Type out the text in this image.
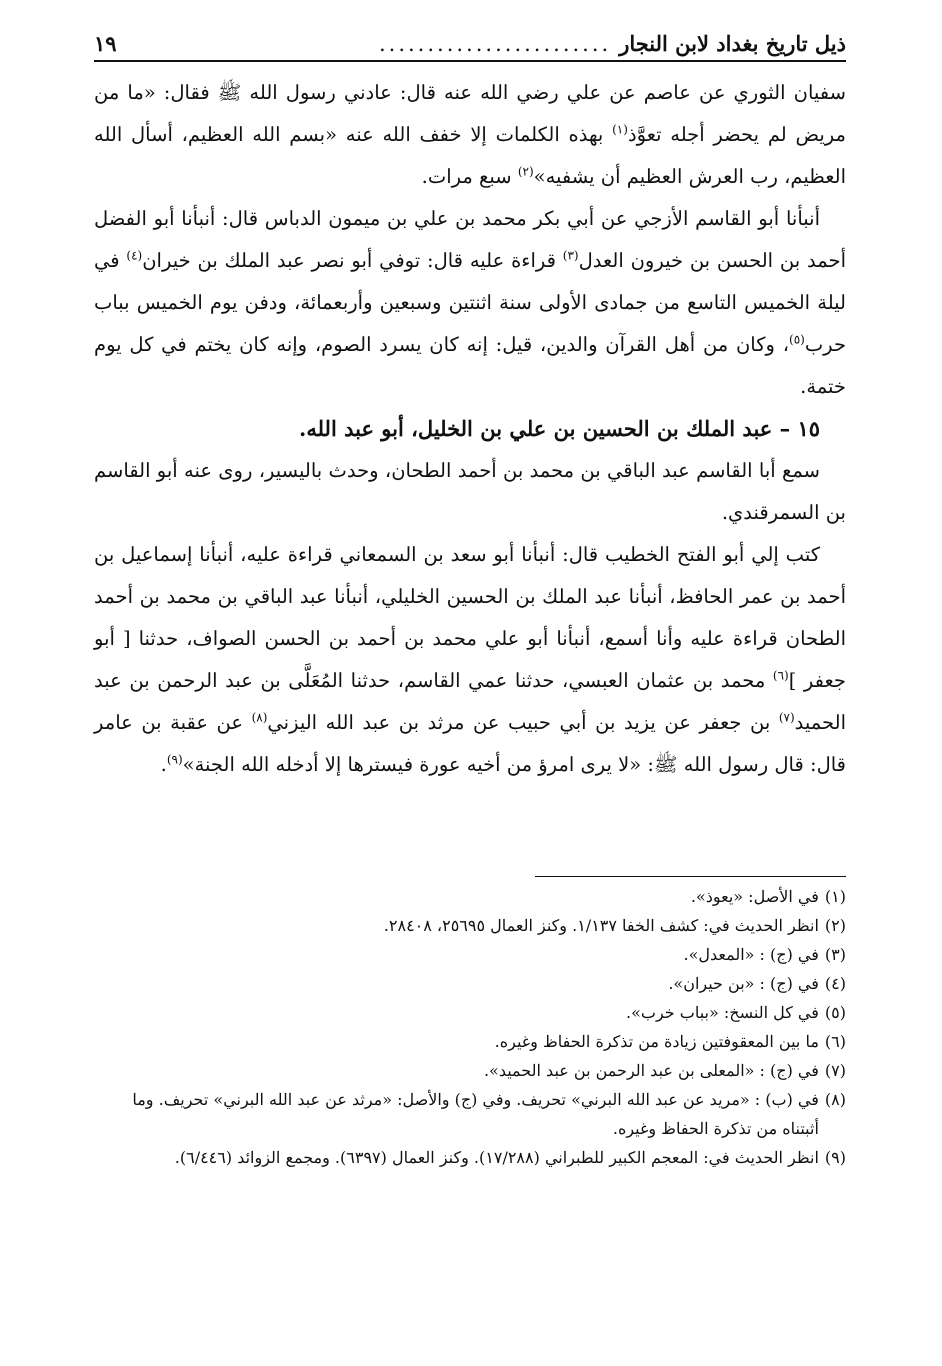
ذيل تاريخ بغداد لابن النجار
........................
١٩

سفيان الثوري عن عاصم عن علي رضي الله عنه قال: عادني رسول الله ﷺ فقال: «ما من مريض لم يحضر أجله تعوَّذ$^{(١)}$ بهذه الكلمات إلا خفف الله عنه «بسم الله العظيم، أسأل الله العظيم، رب العرش العظيم أن يشفيه»$^{(٢)}$ سبع مرات.

أنبأنا أبو القاسم الأزجي عن أبي بكر محمد بن علي بن ميمون الدباس قال: أنبأنا أبو الفضل أحمد بن الحسن بن خيرون العدل$^{(٣)}$ قراءة عليه قال: توفي أبو نصر عبد الملك بن خيران$^{(٤)}$ في ليلة الخميس التاسع من جمادى الأولى سنة اثنتين وسبعين وأربعمائة، ودفن يوم الخميس بباب حرب$^{(٥)}$، وكان من أهل القرآن والدين، قيل: إنه كان يسرد الصوم، وإنه كان يختم في كل يوم ختمة.

١٥ – عبد الملك بن الحسين بن علي بن الخليل، أبو عبد الله.

سمع أبا القاسم عبد الباقي بن محمد بن أحمد الطحان، وحدث باليسير، روى عنه أبو القاسم بن السمرقندي.

كتب إلي أبو الفتح الخطيب قال: أنبأنا أبو سعد بن السمعاني قراءة عليه، أنبأنا إسماعيل بن أحمد بن عمر الحافظ، أنبأنا عبد الملك بن الحسين الخليلي، أنبأنا عبد الباقي بن محمد بن أحمد الطحان قراءة عليه وأنا أسمع، أنبأنا أبو علي محمد بن أحمد بن الحسن الصواف، حدثنا [ أبو جعفر ]$^{(٦)}$ محمد بن عثمان العبسي، حدثنا عمي القاسم، حدثنا المُعَلَّى بن عبد الرحمن بن عبد الحميد$^{(٧)}$ بن جعفر عن يزيد بن أبي حبيب عن مرثد بن عبد الله اليزني$^{(٨)}$ عن عقبة بن عامر قال: قال رسول الله ﷺ: «لا يرى امرؤ من أخيه عورة فيسترها إلا أدخله الله الجنة»$^{(٩)}$.

(١)
في الأصل: «يعوذ».

(٢)
انظر الحديث في: كشف الخفا ١/١٣٧. وكنز العمال ٢٥٦٩٥، ٢٨٤٠٨.

(٣)
في (ج) : «المعدل».

(٤)
في (ج) : «بن حيران».

(٥)
في كل النسخ: «بباب خرب».

(٦)
ما بين المعقوفتين زيادة من تذكرة الحفاظ وغيره.

(٧)
في (ج) : «المعلى بن عبد الرحمن بن عبد الحميد».

(٨)
في (ب) : «مريد عن عبد الله البرني» تحريف. وفي (ج) والأصل: «مرثد عن عبد الله البرني» تحريف. وما أثبتناه من تذكرة الحفاظ وغيره.

(٩)
انظر الحديث في: المعجم الكبير للطبراني (١٧/٢٨٨). وكنز العمال (٦٣٩٧). ومجمع الزوائد (٦/٤٤٦).
